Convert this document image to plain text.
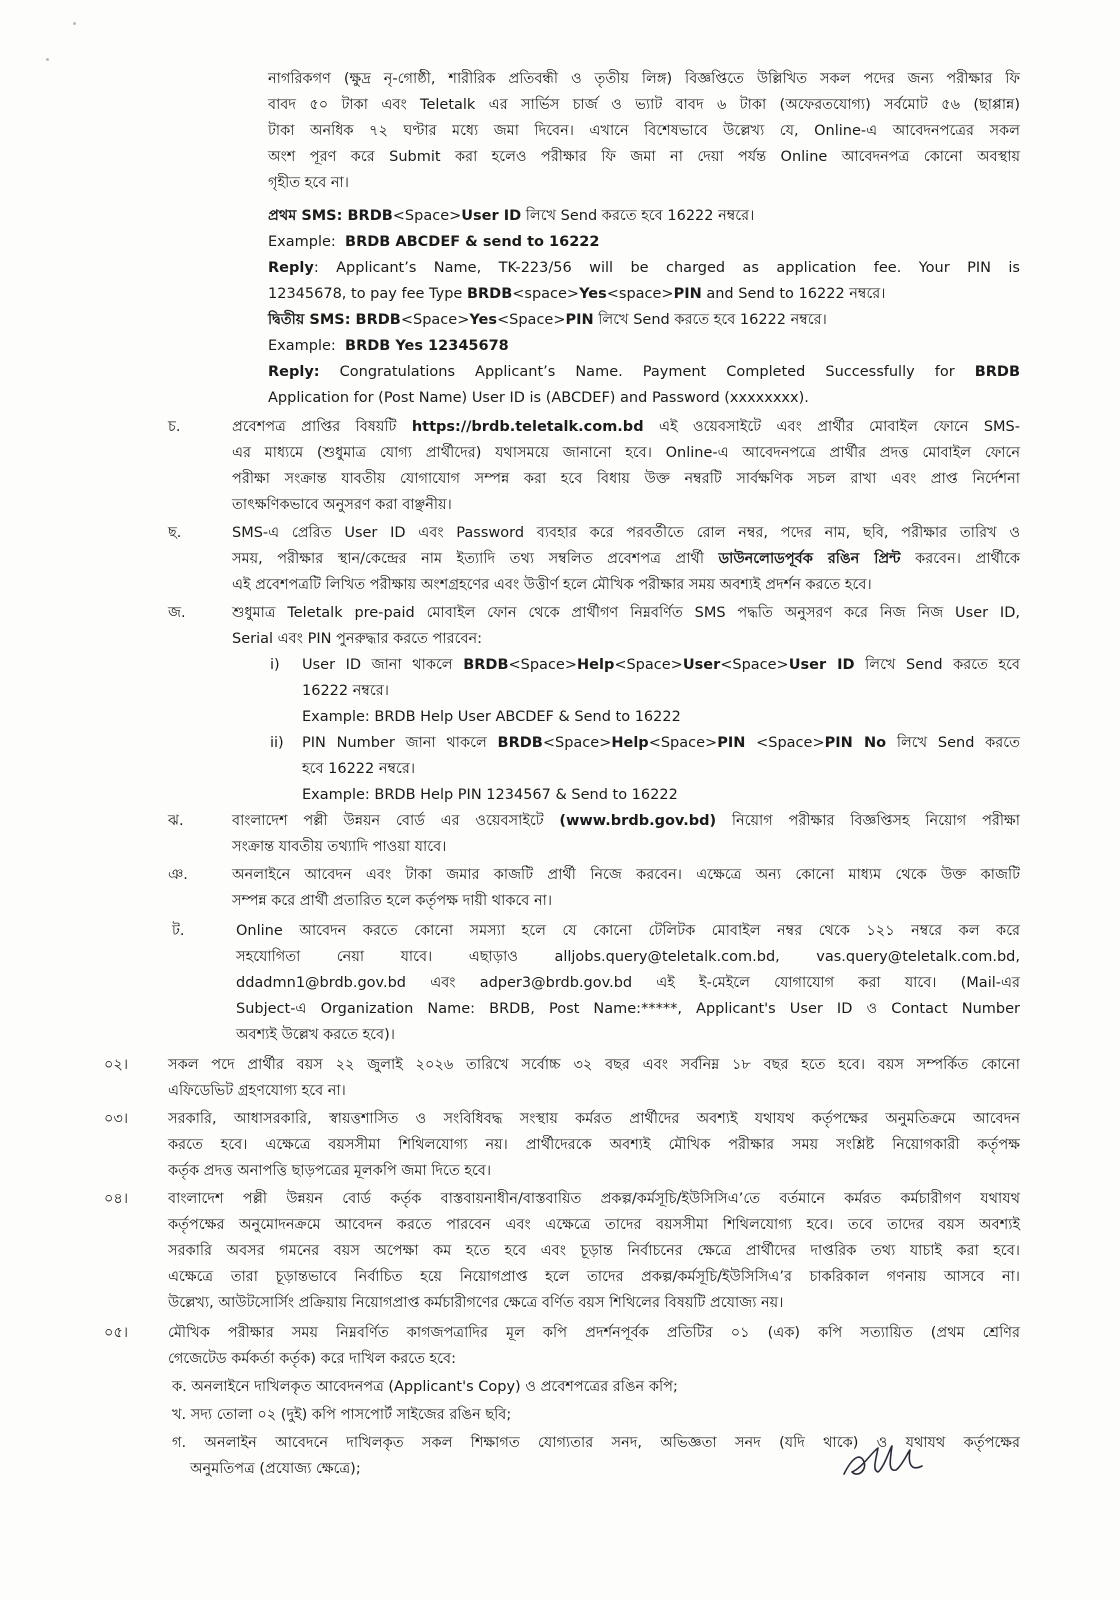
নাগরিকগণ (ক্ষুদ্র নৃ-গোষ্ঠী, শারীরিক প্রতিবন্ধী ও তৃতীয় লিঙ্গ) বিজ্ঞপ্তিতে উল্লিখিত সকল পদের জন্য পরীক্ষার ফি
বাবদ ৫০ টাকা এবং Teletalk এর সার্ভিস চার্জ ও ভ্যাট বাবদ ৬ টাকা (অফেরতযোগ্য) সর্বমোট ৫৬ (ছাপ্পান্ন)
টাকা অনধিক ৭২ ঘণ্টার মধ্যে জমা দিবেন। এখানে বিশেষভাবে উল্লেখ্য যে, Online-এ আবেদনপত্রের সকল
অংশ পূরণ করে Submit করা হলেও পরীক্ষার ফি জমা না দেয়া পর্যন্ত Online আবেদনপত্র কোনো অবস্থায়
গৃহীত হবে না।
প্রথম SMS: BRDB<Space>User ID লিখে Send করতে হবে 16222 নম্বরে।
Example: BRDB ABCDEF & send to 16222
Reply: Applicant’s Name, TK-223/56 will be charged as application fee. Your PIN is
12345678, to pay fee Type BRDB<space>Yes<space>PIN and Send to 16222 নম্বরে।
দ্বিতীয় SMS: BRDB<Space>Yes<Space>PIN লিখে Send করতে হবে 16222 নম্বরে।
Example: BRDB Yes 12345678
Reply: Congratulations Applicant’s Name. Payment Completed Successfully for BRDB
Application for (Post Name) User ID is (ABCDEF) and Password (xxxxxxxx).
চ.	প্রবেশপত্র প্রাপ্তির বিষয়টি https://brdb.teletalk.com.bd এই ওয়েবসাইটে এবং প্রার্থীর মোবাইল ফোনে SMS-
এর মাধ্যমে (শুধুমাত্র যোগ্য প্রার্থীদের) যথাসময়ে জানানো হবে। Online-এ আবেদনপত্রে প্রার্থীর প্রদত্ত মোবাইল ফোনে
পরীক্ষা সংক্রান্ত যাবতীয় যোগাযোগ সম্পন্ন করা হবে বিধায় উক্ত নম্বরটি সার্বক্ষণিক সচল রাখা এবং প্রাপ্ত নির্দেশনা
তাৎক্ষণিকভাবে অনুসরণ করা বাঞ্ছনীয়।
ছ.	SMS-এ প্রেরিত User ID এবং Password ব্যবহার করে পরবর্তীতে রোল নম্বর, পদের নাম, ছবি, পরীক্ষার তারিখ ও
সময়, পরীক্ষার স্থান/কেন্দ্রের নাম ইত্যাদি তথ্য সম্বলিত প্রবেশপত্র প্রার্থী ডাউনলোডপূর্বক রঙিন প্রিন্ট করবেন। প্রার্থীকে
এই প্রবেশপত্রটি লিখিত পরীক্ষায় অংশগ্রহণের এবং উত্তীর্ণ হলে মৌখিক পরীক্ষার সময় অবশ্যই প্রদর্শন করতে হবে।
জ.	শুধুমাত্র Teletalk pre-paid মোবাইল ফোন থেকে প্রার্থীগণ নিম্নবর্ণিত SMS পদ্ধতি অনুসরণ করে নিজ নিজ User ID,
Serial এবং PIN পুনরুদ্ধার করতে পারবেন:
i) User ID জানা থাকলে BRDB<Space>Help<Space>User<Space>User ID লিখে Send করতে হবে
16222 নম্বরে।
Example: BRDB Help User ABCDEF & Send to 16222
ii) PIN Number জানা থাকলে BRDB<Space>Help<Space>PIN <Space>PIN No লিখে Send করতে
হবে 16222 নম্বরে।
Example: BRDB Help PIN 1234567 & Send to 16222
ঝ.	বাংলাদেশ পল্লী উন্নয়ন বোর্ড এর ওয়েবসাইটে (www.brdb.gov.bd) নিয়োগ পরীক্ষার বিজ্ঞপ্তিসহ নিয়োগ পরীক্ষা
সংক্রান্ত যাবতীয় তথ্যাদি পাওয়া যাবে।
ঞ.	অনলাইনে আবেদন এবং টাকা জমার কাজটি প্রার্থী নিজে করবেন। এক্ষেত্রে অন্য কোনো মাধ্যম থেকে উক্ত কাজটি
সম্পন্ন করে প্রার্থী প্রতারিত হলে কর্তৃপক্ষ দায়ী থাকবে না।
ট.	Online আবেদন করতে কোনো সমস্যা হলে যে কোনো টেলিটক মোবাইল নম্বর থেকে ১২১ নম্বরে কল করে
সহযোগিতা নেয়া যাবে। এছাড়াও alljobs.query@teletalk.com.bd, vas.query@teletalk.com.bd,
ddadmn1@brdb.gov.bd এবং adper3@brdb.gov.bd এই ই-মেইলে যোগাযোগ করা যাবে। (Mail-এর
Subject-এ Organization Name: BRDB, Post Name:*****, Applicant's User ID ও Contact Number
অবশ্যই উল্লেখ করতে হবে)।
০২।	সকল পদে প্রার্থীর বয়স ২২ জুলাই ২০২৬ তারিখে সর্বোচ্চ ৩২ বছর এবং সর্বনিম্ন ১৮ বছর হতে হবে। বয়স সম্পর্কিত কোনো
এফিডেভিট গ্রহণযোগ্য হবে না।
০৩।	সরকারি, আধাসরকারি, স্বায়ত্তশাসিত ও সংবিধিবদ্ধ সংস্থায় কর্মরত প্রার্থীদের অবশ্যই যথাযথ কর্তৃপক্ষের অনুমতিক্রমে আবেদন
করতে হবে। এক্ষেত্রে বয়সসীমা শিথিলযোগ্য নয়। প্রার্থীদেরকে অবশ্যই মৌখিক পরীক্ষার সময় সংশ্লিষ্ট নিয়োগকারী কর্তৃপক্ষ
কর্তৃক প্রদত্ত অনাপত্তি ছাড়পত্রের মূলকপি জমা দিতে হবে।
০৪।	বাংলাদেশ পল্লী উন্নয়ন বোর্ড কর্তৃক বাস্তবায়নাধীন/বাস্তবায়িত প্রকল্প/কর্মসূচি/ইউসিসিএ’তে বর্তমানে কর্মরত কর্মচারীগণ যথাযথ
কর্তৃপক্ষের অনুমোদনক্রমে আবেদন করতে পারবেন এবং এক্ষেত্রে তাদের বয়সসীমা শিথিলযোগ্য হবে। তবে তাদের বয়স অবশ্যই
সরকারি অবসর গমনের বয়স অপেক্ষা কম হতে হবে এবং চূড়ান্ত নির্বাচনের ক্ষেত্রে প্রার্থীদের দাপ্তরিক তথ্য যাচাই করা হবে।
এক্ষেত্রে তারা চূড়ান্তভাবে নির্বাচিত হয়ে নিয়োগপ্রাপ্ত হলে তাদের প্রকল্প/কর্মসূচি/ইউসিসিএ’র চাকরিকাল গণনায় আসবে না।
উল্লেখ্য, আউটসোর্সিং প্রক্রিয়ায় নিয়োগপ্রাপ্ত কর্মচারীগণের ক্ষেত্রে বর্ণিত বয়স শিথিলের বিষয়টি প্রযোজ্য নয়।
০৫।	মৌখিক পরীক্ষার সময় নিম্নবর্ণিত কাগজপত্রাদির মূল কপি প্রদর্শনপূর্বক প্রতিটির ০১ (এক) কপি সত্যায়িত (প্রথম শ্রেণির
গেজেটেড কর্মকর্তা কর্তৃক) করে দাখিল করতে হবে:
ক. অনলাইনে দাখিলকৃত আবেদনপত্র (Applicant's Copy) ও প্রবেশপত্রের রঙিন কপি;
খ. সদ্য তোলা ০২ (দুই) কপি পাসপোর্ট সাইজের রঙিন ছবি;
গ. অনলাইন আবেদনে দাখিলকৃত সকল শিক্ষাগত যোগ্যতার সনদ, অভিজ্ঞতা সনদ (যদি থাকে) ও যথাযথ কর্তৃপক্ষের
অনুমতিপত্র (প্রযোজ্য ক্ষেত্রে);
